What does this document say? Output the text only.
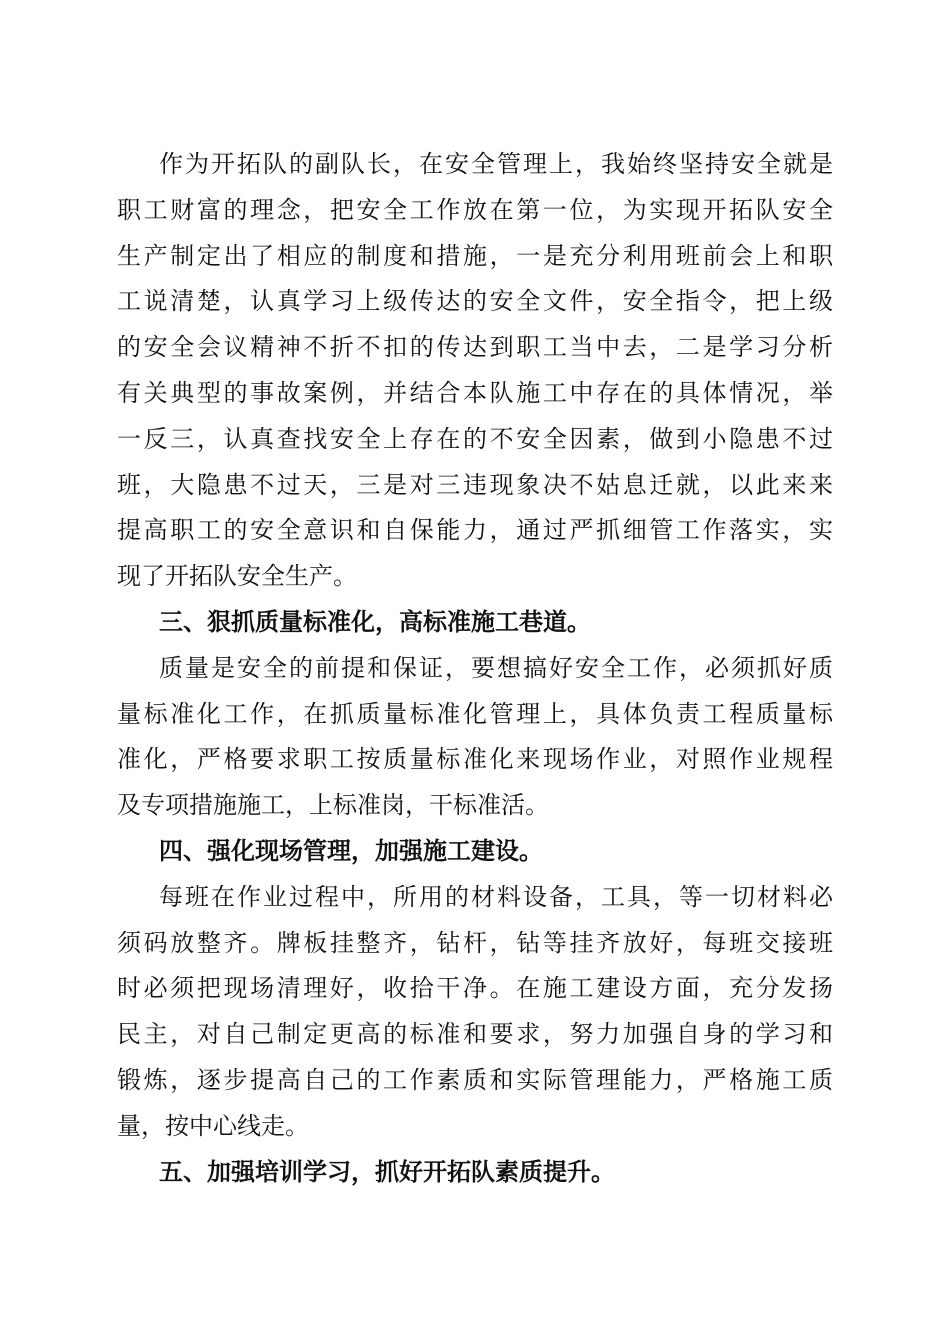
作为开拓队的副队长，在安全管理上，我始终坚持安全就是
职工财富的理念，把安全工作放在第一位，为实现开拓队安全
生产制定出了相应的制度和措施，一是充分利用班前会上和职
工说清楚，认真学习上级传达的安全文件，安全指令，把上级
的安全会议精神不折不扣的传达到职工当中去，二是学习分析
有关典型的事故案例，并结合本队施工中存在的具体情况，举
一反三，认真查找安全上存在的不安全因素，做到小隐患不过
班，大隐患不过天，三是对三违现象决不姑息迁就，以此来来
提高职工的安全意识和自保能力，通过严抓细管工作落实，实
现了开拓队安全生产。
三、狠抓质量标准化，高标准施工巷道。
质量是安全的前提和保证，要想搞好安全工作，必须抓好质
量标准化工作，在抓质量标准化管理上，具体负责工程质量标
准化，严格要求职工按质量标准化来现场作业，对照作业规程
及专项措施施工，上标准岗，干标准活。
四、强化现场管理，加强施工建设。
每班在作业过程中，所用的材料设备，工具，等一切材料必
须码放整齐。牌板挂整齐，钻杆，钻等挂齐放好，每班交接班
时必须把现场清理好，收拾干净。在施工建设方面，充分发扬
民主，对自己制定更高的标准和要求，努力加强自身的学习和
锻炼，逐步提高自己的工作素质和实际管理能力，严格施工质
量，按中心线走。
五、加强培训学习，抓好开拓队素质提升。
